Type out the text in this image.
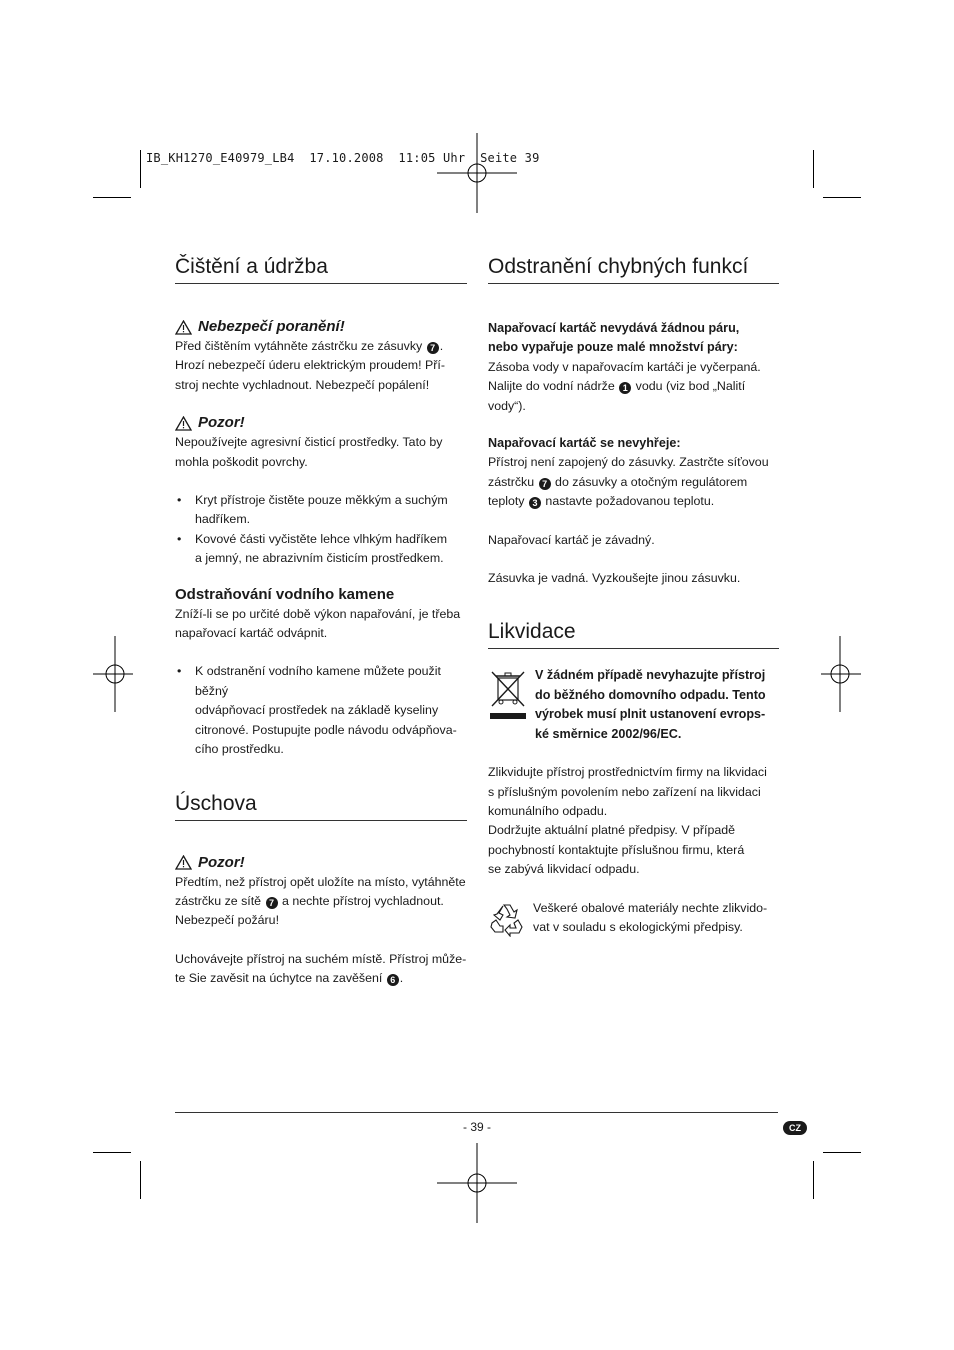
IB_KH1270_E40979_LB4  17.10.2008  11:05 Uhr  Seite 39
Čištění a údržba
Nebezpečí poranění!

Před čištěním vytáhněte zástrčku ze zásuvky 7 .

Hrozí nebezpečí úderu elektrickým proudem! Pří-

stroj nechte vychladnout. Nebezpečí popálení!

Pozor!

Nepoužívejte agresivní čisticí prostředky. Tato by

mohla poškodit povrchy.

•	Kryt přístroje čistěte pouze měkkým a suchým
hadříkem.
•	Kovové části vyčistěte lehce vlhkým hadříkem
a jemný, ne abrazivním čisticím prostředkem.
Odstraňování vodního kamene

Zníží-li se po určité době výkon napařování, je třeba

napařovací kartáč odvápnit.

•	K odstranění vodního kamene můžete použit běžný
odvápňovací prostředek na základě kyseliny
citronové. Postupujte podle návodu odvápňova-
cího prostředku.
Úschova
Pozor!

Předtím, než přístroj opět uložíte na místo, vytáhněte

zástrčku ze sítě 7 a nechte přístroj vychladnout.

Nebezpečí požáru!

Uchovávejte přístroj na suchém místě. Přístroj může-

te Sie zavěsit na úchytce na zavěšení 6 .

Odstranění chybných funkcí

Napařovací kartáč nevydává žádnou páru,

nebo vypařuje pouze malé množství páry:

Zásoba vody v napařovacím kartáči je vyčerpaná.

Nalijte do vodní nádrže 1 vodu (viz bod „Nalití

vody“).

Napařovací kartáč se nevyhřeje:

Přístroj není zapojený do zásuvky. Zastrčte síťovou

zástrčku 7 do zásuvky a otočným regulátorem

teploty 3 nastavte požadovanou teplotu.

Napařovací kartáč je závadný.

Zásuvka je vadná. Vyzkoušejte jinou zásuvku.

Likvidace

V žádném případě nevyhazujte přístroj

do běžného domovního odpadu. Tento

výrobek musí plnit ustanovení evrops-

ké směrnice 2002/96/EC.

Zlikvidujte přístroj prostřednictvím firmy na likvidaci

s příslušným povolením nebo zařízení na likvidaci

komunálního odpadu.

Dodržujte aktuální platné předpisy. V případě

pochybností kontaktujte příslušnou firmu, která

se zabývá likvidací odpadu.

Veškeré obalové materiály nechte zlikvido-

vat v souladu s ekologickými předpisy.

- 39 -	CZ
